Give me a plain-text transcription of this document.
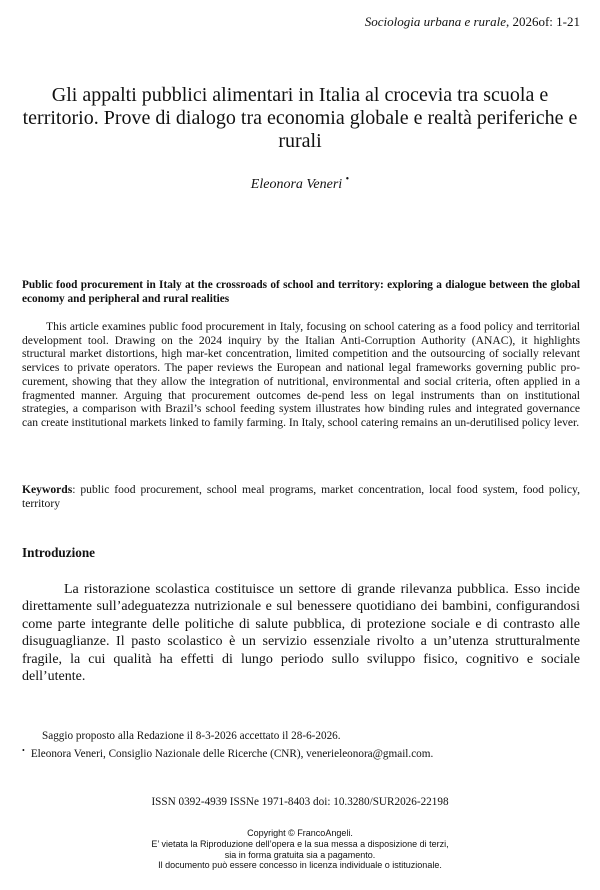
Sociologia urbana e rurale, 2026of: 1-21
Gli appalti pubblici alimentari in Italia al crocevia tra scuola e territorio. Prove di dialogo tra economia globale e realtà periferiche e rurali
Eleonora Veneri •
Public food procurement in Italy at the crossroads of school and territory: exploring a dialogue between the global economy and peripheral and rural realities
This article examines public food procurement in Italy, focusing on school catering as a food policy and territorial development tool. Drawing on the 2024 inquiry by the Italian Anti-Corruption Authority (ANAC), it highlights structural market distortions, high mar-ket concentration, limited competition and the outsourcing of socially relevant services to private operators. The paper reviews the European and national legal frameworks governing public pro-curement, showing that they allow the integration of nutritional, environmental and social criteria, often applied in a fragmented manner. Arguing that procurement outcomes de-pend less on legal instruments than on institutional strategies, a comparison with Brazil’s school feeding system illustrates how binding rules and integrated governance can create institutional markets linked to family farming. In Italy, school catering remains an un-derutilised policy lever.
Keywords: public food procurement, school meal programs, market concentration, local food system, food policy, territory
Introduzione
La ristorazione scolastica costituisce un settore di grande rilevanza pubblica. Esso incide direttamente sull’adeguatezza nutrizionale e sul benessere quotidiano dei bambini, configurandosi come parte integrante delle politiche di salute pubblica, di protezione sociale e di contrasto alle disuguaglianze. Il pasto scolastico è un servizio essenziale rivolto a un’utenza strutturalmente fragile, la cui qualità ha effetti di lungo periodo sullo sviluppo fisico, cognitivo e sociale dell’utente.
Saggio proposto alla Redazione il 8-3-2026 accettato il 28-6-2026.
• Eleonora Veneri, Consiglio Nazionale delle Ricerche (CNR), venerieleonora@gmail.com.
ISSN 0392-4939 ISSNe 1971-8403 doi: 10.3280/SUR2026-22198
Copyright © FrancoAngeli.
E’ vietata la Riproduzione dell’opera e la sua messa a disposizione di terzi,
sia in forma gratuita sia a pagamento.
Il documento può essere concesso in licenza individuale o istituzionale.
